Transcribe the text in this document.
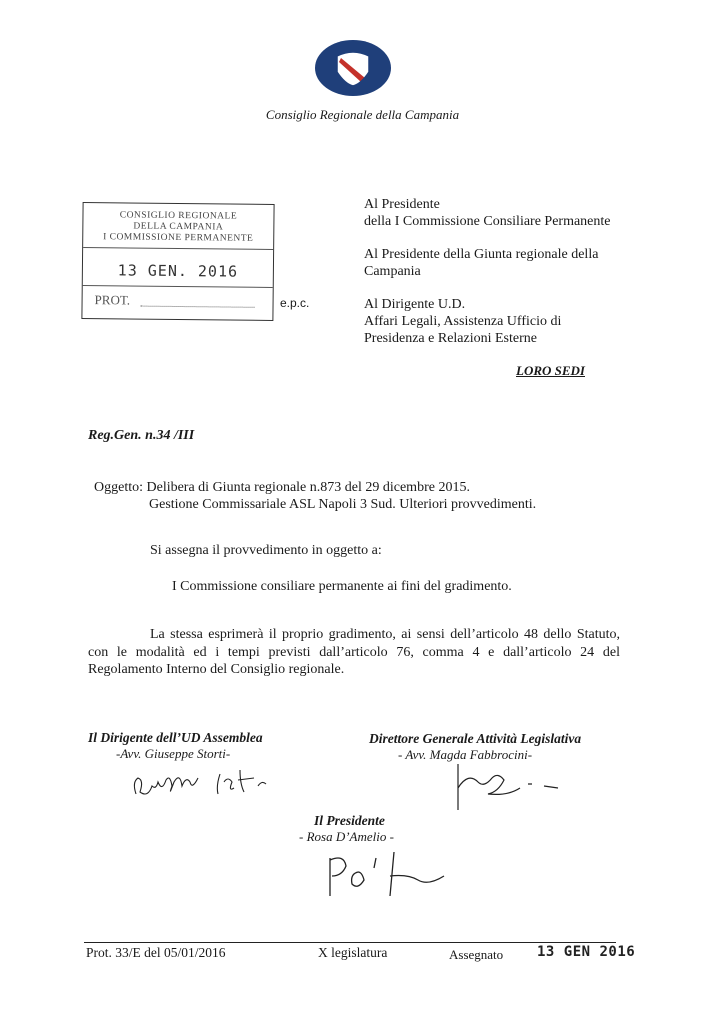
Consiglio Regionale della Campania
CONSIGLIO REGIONALE
DELLA CAMPANIA
I COMMISSIONE PERMANENTE
13 GEN. 2016
PROT.
Al Presidente
della I Commissione Consiliare Permanente
Al Presidente della Giunta regionale della
Campania
e.p.c.	Al Dirigente U.D.
Affari Legali, Assistenza Ufficio di
Presidenza e Relazioni Esterne
LORO SEDI
Reg.Gen. n.34 /III
Oggetto: Delibera di Giunta regionale n.873 del 29 dicembre 2015.
Gestione Commissariale ASL Napoli 3 Sud. Ulteriori provvedimenti.
Si assegna il provvedimento in oggetto a:
I Commissione consiliare permanente ai fini del gradimento.
La stessa esprimerà il proprio gradimento, ai sensi dell’articolo 48 dello Statuto, con le modalità ed i tempi previsti dall’articolo 76, comma 4 e dall’articolo 24 del Regolamento Interno del Consiglio regionale.
Il Dirigente dell’UD Assemblea
-Avv. Giuseppe Storti-
Direttore Generale Attività Legislativa
- Avv. Magda Fabbrocini-
Il Presidente
- Rosa D’Amelio -
Prot. 33/E del 05/01/2016	X legislatura	Assegnato 13 GEN 2016
